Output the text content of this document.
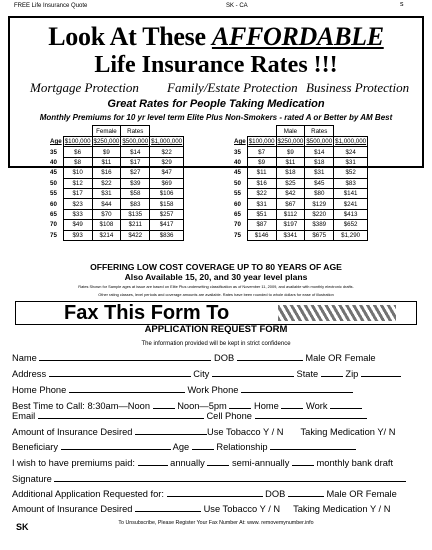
FREE Life Insurance Quote	SK - CA	s
Look At These AFFORDABLE
Life Insurance Rates !!!
Mortgage Protection Family/Estate Protection Business Protection
Great Rates for People Taking Medication
Monthly Premiums for 10 yr level term Elite Plus Non-Smokers - rated A or Better by AM Best
		Female	Rates	
Age	$100,000	$250,000	$500,000	$1,000,000
35	$6	$9	$14	$22
40	$8	$11	$17	$29
45	$10	$16	$27	$47
50	$12	$22	$39	$69
55	$17	$31	$58	$106
60	$23	$44	$83	$158
65	$33	$70	$135	$257
70	$49	$108	$211	$417
75	$93	$214	$422	$836
		Male	Rates	
Age	$100,000	$250,000	$500,000	$1,000,000
35	$7	$9	$14	$24
40	$9	$11	$18	$31
45	$11	$18	$31	$52
50	$16	$25	$45	$83
55	$22	$42	$80	$141
60	$31	$67	$129	$241
65	$51	$112	$220	$413
70	$87	$197	$389	$652
75	$146	$341	$675	$1,290
OFFERING LOW COST COVERAGE UP TO 80 YEARS OF AGE
Also Available 15, 20, and 30 year level plans
Rates Shown for Sample ages at issue are based on Elite Plus underwriting classification as of November 11, 2009, and available with monthly electronic drafts.
Other rating classes, level periods and coverage amounts are available. Rates have been rounded to whole dollars for ease of illustration
Fax This Form To
APPLICATION REQUEST FORM
The information provided will be kept in strict confidence
Name	DOB	Male OR Female
Address	City	State	Zip
Home Phone	Work Phone
Best Time to Call: 8:30am—Noon	Noon—5pm	Home	Work
Email	Cell Phone
Amount of Insurance Desired	Use Tobacco Y / N Taking Medication Y/ N
Beneficiary	Age	Relationship
I wish to have premiums paid:	annually	semi-annually	monthly bank draft
Signature
Additional Application Requested for:	DOB	Male OR Female
Amount of Insurance Desired	Use Tobacco Y / N Taking Medication Y / N
To Unsubscribe, Please Register Your Fax Number At: www. removemynumber.info
SK
